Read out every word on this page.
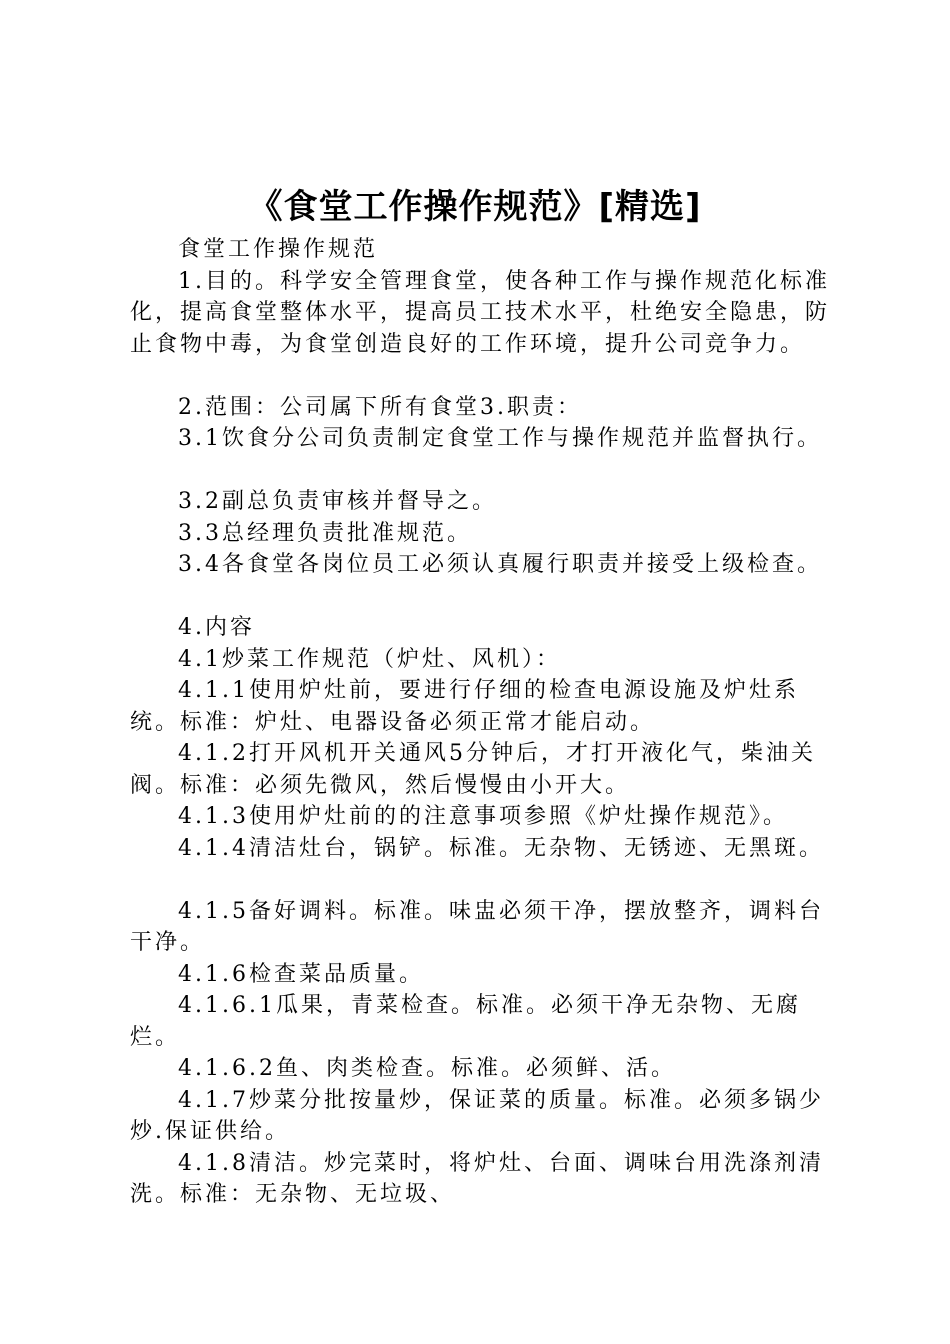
《食堂工作操作规范》[精选]

食堂工作操作规范

1.目的。科学安全管理食堂，使各种工作与操作规范化标准化，提高食堂整体水平，提高员工技术水平，杜绝安全隐患，防止食物中毒，为食堂创造良好的工作环境，提升公司竞争力。

2.范围：公司属下所有食堂3.职责：

3.1饮食分公司负责制定食堂工作与操作规范并监督执行。

3.2副总负责审核并督导之。

3.3总经理负责批准规范。

3.4各食堂各岗位员工必须认真履行职责并接受上级检查。

4.内容

4.1炒菜工作规范（炉灶、风机）：

4.1.1使用炉灶前，要进行仔细的检查电源设施及炉灶系统。标准：炉灶、电器设备必须正常才能启动。

4.1.2打开风机开关通风5分钟后，才打开液化气，柴油关阀。标准：必须先微风，然后慢慢由小开大。

4.1.3使用炉灶前的的注意事项参照《炉灶操作规范》。

4.1.4清洁灶台，锅铲。标准。无杂物、无锈迹、无黑斑。

4.1.5备好调料。标准。味盅必须干净，摆放整齐，调料台干净。

4.1.6检查菜品质量。

4.1.6.1瓜果，青菜检查。标准。必须干净无杂物、无腐烂。

4.1.6.2鱼、肉类检查。标准。必须鲜、活。

4.1.7炒菜分批按量炒，保证菜的质量。标准。必须多锅少炒.保证供给。

4.1.8清洁。炒完菜时，将炉灶、台面、调味台用洗涤剂清洗。标准：无杂物、无垃圾、
